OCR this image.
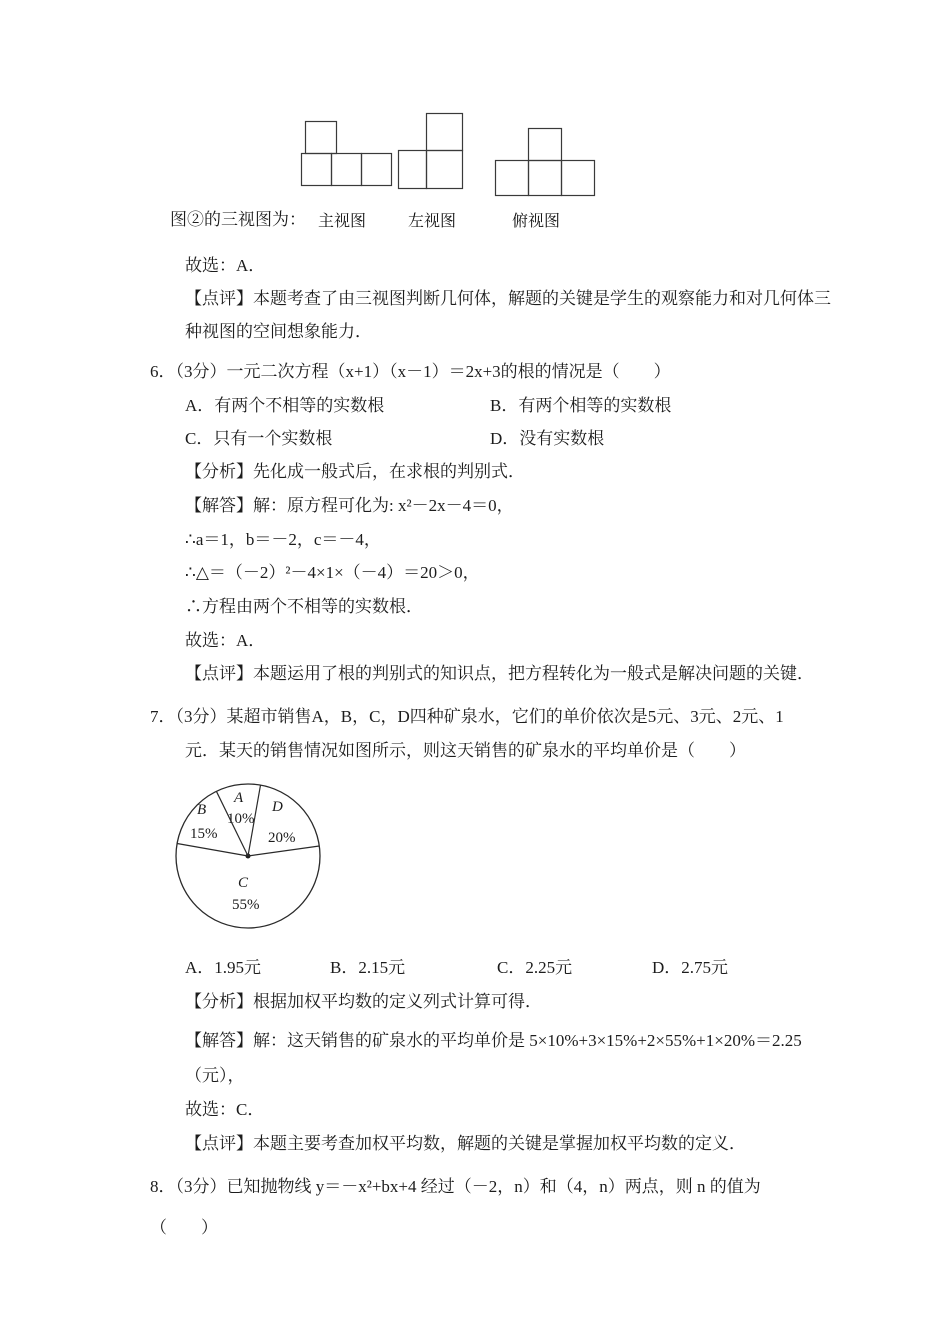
图②的三视图为： 主视图	左视图	俯视图
故选：A．
【点评】本题考查了由三视图判断几何体，解题的关键是学生的观察能力和对几何体三
种视图的空间想象能力．
6．（3分）一元二次方程（x+1）（x－1）＝2x+3的根的情况是（　　）
A．有两个不相等的实数根	B．有两个相等的实数根
C．只有一个实数根	D．没有实数根
【分析】先化成一般式后，在求根的判别式．
【解答】解：原方程可化为: x²－2x－4＝0，
∴a＝1，b＝－2，c＝－4，
∴△＝（－2）²－4×1×（－4）＝20＞0，
∴方程由两个不相等的实数根．
故选：A．
【点评】本题运用了根的判别式的知识点，把方程转化为一般式是解决问题的关键．
7．（3分）某超市销售A，B，C，D四种矿泉水，它们的单价依次是5元、3元、2元、1
元．某天的销售情况如图所示，则这天销售的矿泉水的平均单价是（　　）
A
10%
B
15%
D
20%
C
55%
A．1.95元	B．2.15元	C．2.25元	D．2.75元
【分析】根据加权平均数的定义列式计算可得．
【解答】解：这天销售的矿泉水的平均单价是 5×10%+3×15%+2×55%+1×20%＝2.25
（元），
故选：C．
【点评】本题主要考查加权平均数，解题的关键是掌握加权平均数的定义．
8．（3分）已知抛物线 y＝－x²+bx+4 经过（－2，n）和（4，n）两点，则 n 的值为
（　　）
